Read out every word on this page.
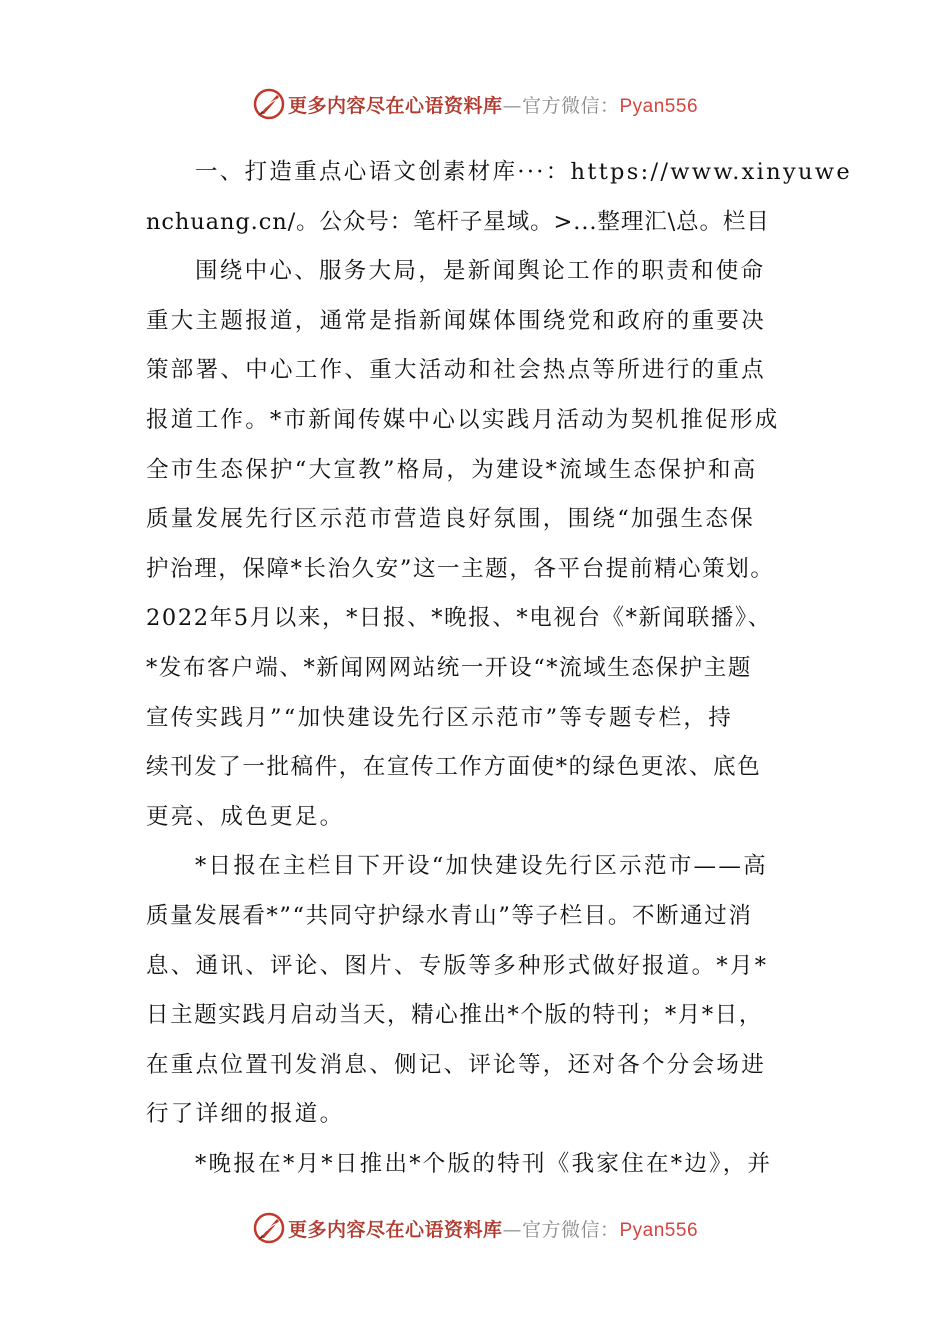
更多内容尽在心语资料库—官方微信：Pyan556
一、打造重点心语文创素材库···：https://www.xinyuwe
nchuang.cn/。公众号：笔杆子星域。>...整理汇\总。栏目
围绕中心、服务大局，是新闻舆论工作的职责和使命
重大主题报道，通常是指新闻媒体围绕党和政府的重要决
策部署、中心工作、重大活动和社会热点等所进行的重点
报道工作。*市新闻传媒中心以实践月活动为契机推促形成
全市生态保护“大宣教”格局，为建设*流域生态保护和高
质量发展先行区示范市营造良好氛围，围绕“加强生态保
护治理，保障*长治久安”这一主题，各平台提前精心策划。
2022年5月以来，*日报、*晚报、*电视台《*新闻联播》、
*发布客户端、*新闻网网站统一开设“*流域生态保护主题
宣传实践月”“加快建设先行区示范市”等专题专栏，持
续刊发了一批稿件，在宣传工作方面使*的绿色更浓、底色
更亮、成色更足。
*日报在主栏目下开设“加快建设先行区示范市——高
质量发展看*”“共同守护绿水青山”等子栏目。不断通过消
息、通讯、评论、图片、专版等多种形式做好报道。*月*
日主题实践月启动当天，精心推出*个版的特刊；*月*日，
在重点位置刊发消息、侧记、评论等，还对各个分会场进
行了详细的报道。
*晚报在*月*日推出*个版的特刊《我家住在*边》，并
更多内容尽在心语资料库—官方微信：Pyan556
